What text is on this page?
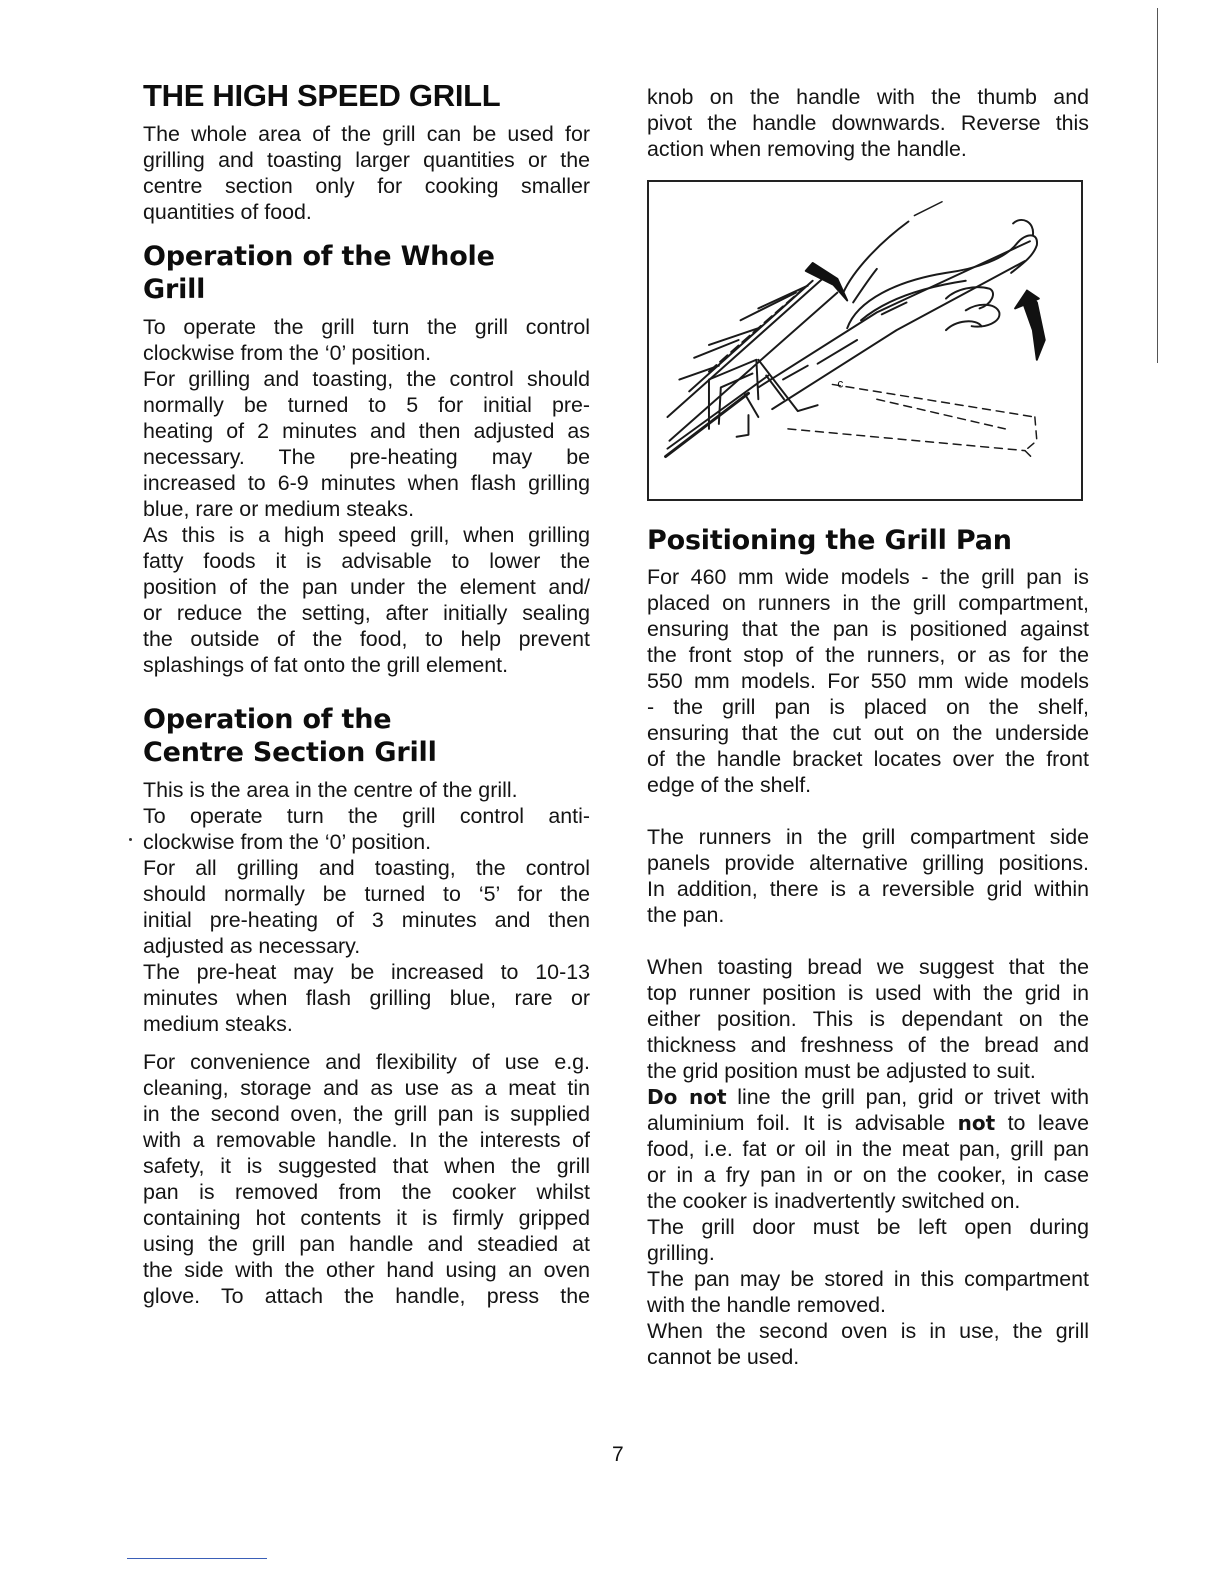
THE HIGH SPEED GRILL

The whole area of the grill can be used for
grilling and toasting larger quantities or the
centre section only for cooking smaller
quantities of food.

Operation of the Whole
Grill

To operate the grill turn the grill control
clockwise from the ‘0’ position.
For grilling and toasting, the control should
normally be turned to 5 for initial pre-
heating of 2 minutes and then adjusted as
necessary. The pre-heating may be
increased to 6-9 minutes when flash grilling
blue, rare or medium steaks.
As this is a high speed grill, when grilling
fatty foods it is advisable to lower the
position of the pan under the element and/
or reduce the setting, after initially sealing
the outside of the food, to help prevent
splashings of fat onto the grill element.

Operation of the
Centre Section Grill

This is the area in the centre of the grill.
To operate turn the grill control anti-
clockwise from the ‘0’ position.
For all grilling and toasting, the control
should normally be turned to ‘5’ for the
initial pre-heating of 3 minutes and then
adjusted as necessary.
The pre-heat may be increased to 10-13
minutes when flash grilling blue, rare or
medium steaks.

For convenience and flexibility of use e.g.
cleaning, storage and as use as a meat tin
in the second oven, the grill pan is supplied
with a removable handle. In the interests of
safety, it is suggested that when the grill
pan is removed from the cooker whilst
containing hot contents it is firmly gripped
using the grill pan handle and steadied at
the side with the other hand using an oven
glove. To attach the handle, press the

knob on the handle with the thumb and
pivot the handle downwards. Reverse this
action when removing the handle.

Positioning the Grill Pan

For 460 mm wide models - the grill pan is
placed on runners in the grill compartment,
ensuring that the pan is positioned against
the front stop of the runners, or as for the
550 mm models. For 550 mm wide models
- the grill pan is placed on the shelf,
ensuring that the cut out on the underside
of the handle bracket locates over the front
edge of the shelf.

The runners in the grill compartment side
panels provide alternative grilling positions.
In addition, there is a reversible grid within
the pan.

When toasting bread we suggest that the
top runner position is used with the grid in
either position. This is dependant on the
thickness and freshness of the bread and
the grid position must be adjusted to suit.
Do not line the grill pan, grid or trivet with
aluminium foil. It is advisable not to leave
food, i.e. fat or oil in the meat pan, grill pan
or in a fry pan in or on the cooker, in case
the cooker is inadvertently switched on.
The grill door must be left open during
grilling.
The pan may be stored in this compartment
with the handle removed.
When the second oven is in use, the grill
cannot be used.

c

7
